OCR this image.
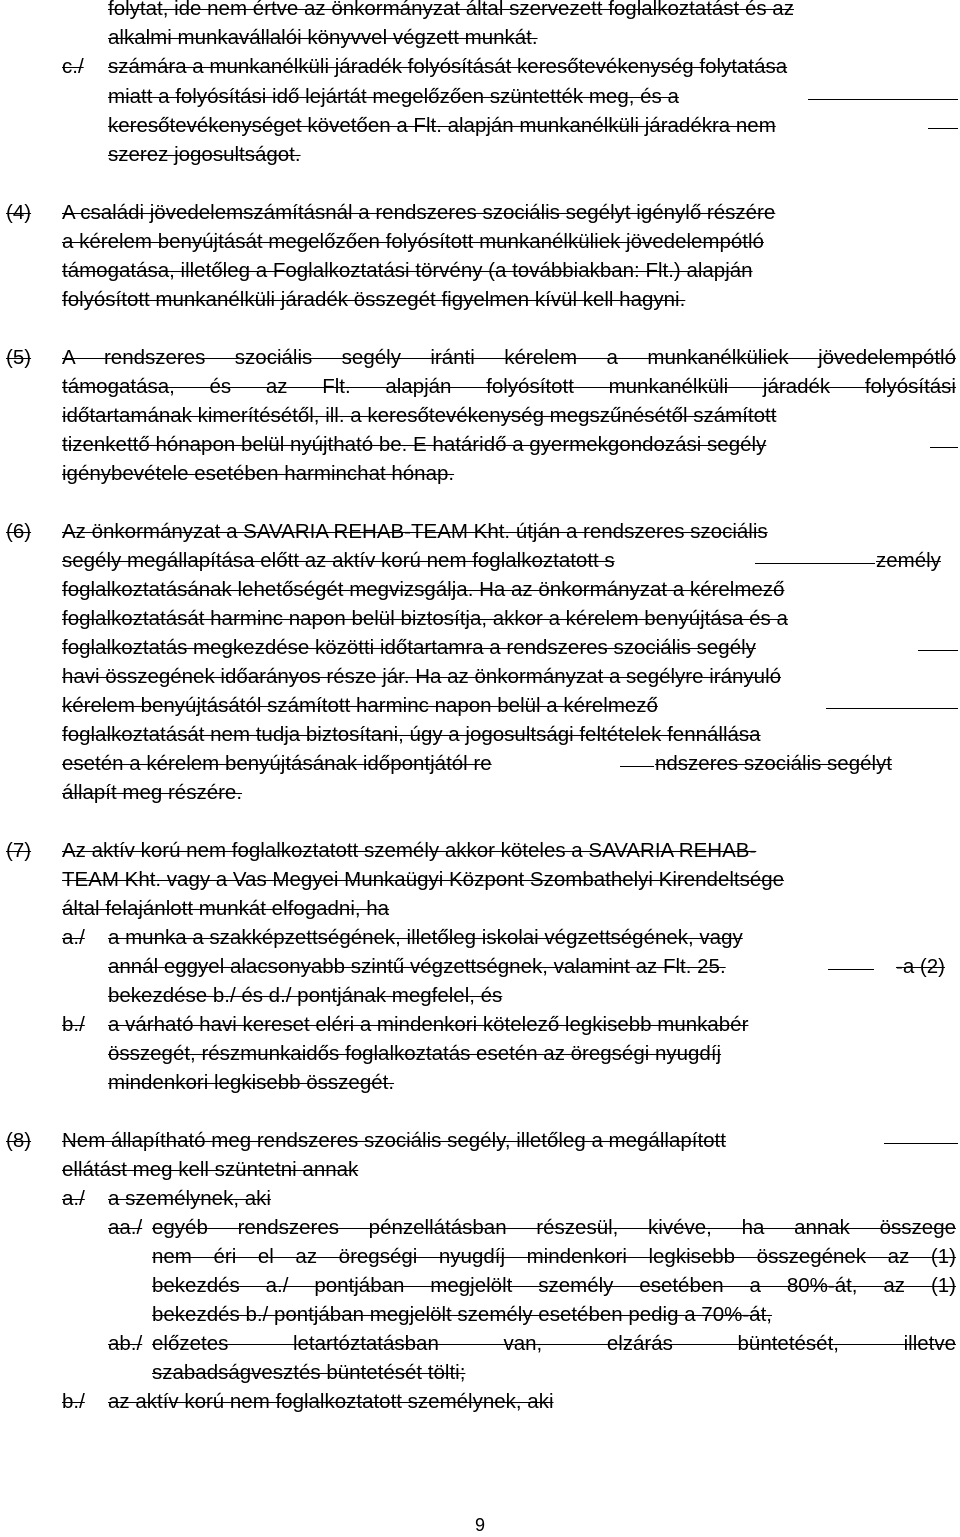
folytat, ide nem értve az önkormányzat által szervezett foglalkoztatást és az
alkalmi munkavállalói könyvvel végzett munkát.
c./ számára a munkanélküli járadék folyósítását keresőtevékenység folytatása
miatt a folyósítási idő lejártát megelőzően szüntették meg, és a
keresőtevékenységet követően a Flt. alapján munkanélküli járadékra nem
szerez jogosultságot.
(4) A családi jövedelemszámításnál a rendszeres szociális segélyt igénylő részére
a kérelem benyújtását megelőzően folyósított munkanélküliek jövedelempótló
támogatása, illetőleg a Foglalkoztatási törvény (a továbbiakban: Flt.) alapján
folyósított munkanélküli járadék összegét figyelmen kívül kell hagyni.
(5) A rendszeres szociális segély iránti kérelem a munkanélküliek jövedelempótló
támogatása, és az Flt. alapján folyósított munkanélküli járadék folyósítási
időtartamának kimerítésétől, ill. a keresőtevékenység megszűnésétől számított
tizenkettő hónapon belül nyújtható be. E határidő a gyermekgondozási segély
igénybevétele esetében harminchat hónap.
(6) Az önkormányzat a SAVARIA REHAB-TEAM Kht. útján a rendszeres szociális
segély megállapítása előtt az aktív korú nem foglalkoztatott s	zemély
foglalkoztatásának lehetőségét megvizsgálja. Ha az önkormányzat a kérelmező
foglalkoztatását harminc napon belül biztosítja, akkor a kérelem benyújtása és a
foglalkoztatás megkezdése közötti időtartamra a rendszeres szociális segély
havi összegének időarányos része jár. Ha az önkormányzat a segélyre irányuló
kérelem benyújtásától számított harminc napon belül a kérelmező
foglalkoztatását nem tudja biztosítani, úgy a jogosultsági feltételek fennállása
esetén a kérelem benyújtásának időpontjától re	ndszeres szociális segélyt
állapít meg részére.
(7) Az aktív korú nem foglalkoztatott személy akkor köteles a SAVARIA REHAB-
TEAM Kht. vagy a Vas Megyei Munkaügyi Központ Szombathelyi Kirendeltsége
által felajánlott munkát elfogadni, ha
a./ a munka a szakképzettségének, illetőleg iskolai végzettségének, vagy
annál eggyel alacsonyabb szintű végzettségnek, valamint az Flt. 25.	-a (2)
bekezdése b./ és d./ pontjának megfelel, és
b./ a várható havi kereset eléri a mindenkori kötelező legkisebb munkabér
összegét, részmunkaidős foglalkoztatás esetén az öregségi nyugdíj
mindenkori legkisebb összegét.
(8) Nem állapítható meg rendszeres szociális segély, illetőleg a megállapított
ellátást meg kell szüntetni annak
a./ a személynek, aki
aa./ egyéb rendszeres pénzellátásban részesül, kivéve, ha annak összege
nem éri el az öregségi nyugdíj mindenkori legkisebb összegének az (1)
bekezdés a./ pontjában megjelölt személy esetében a 80%-át, az (1)
bekezdés b./ pontjában megjelölt személy esetében pedig a 70%-át,
ab./ előzetes letartóztatásban van, elzárás büntetését, illetve
szabadságvesztés büntetését tölti;
b./ az aktív korú nem foglalkoztatott személynek, aki
9
